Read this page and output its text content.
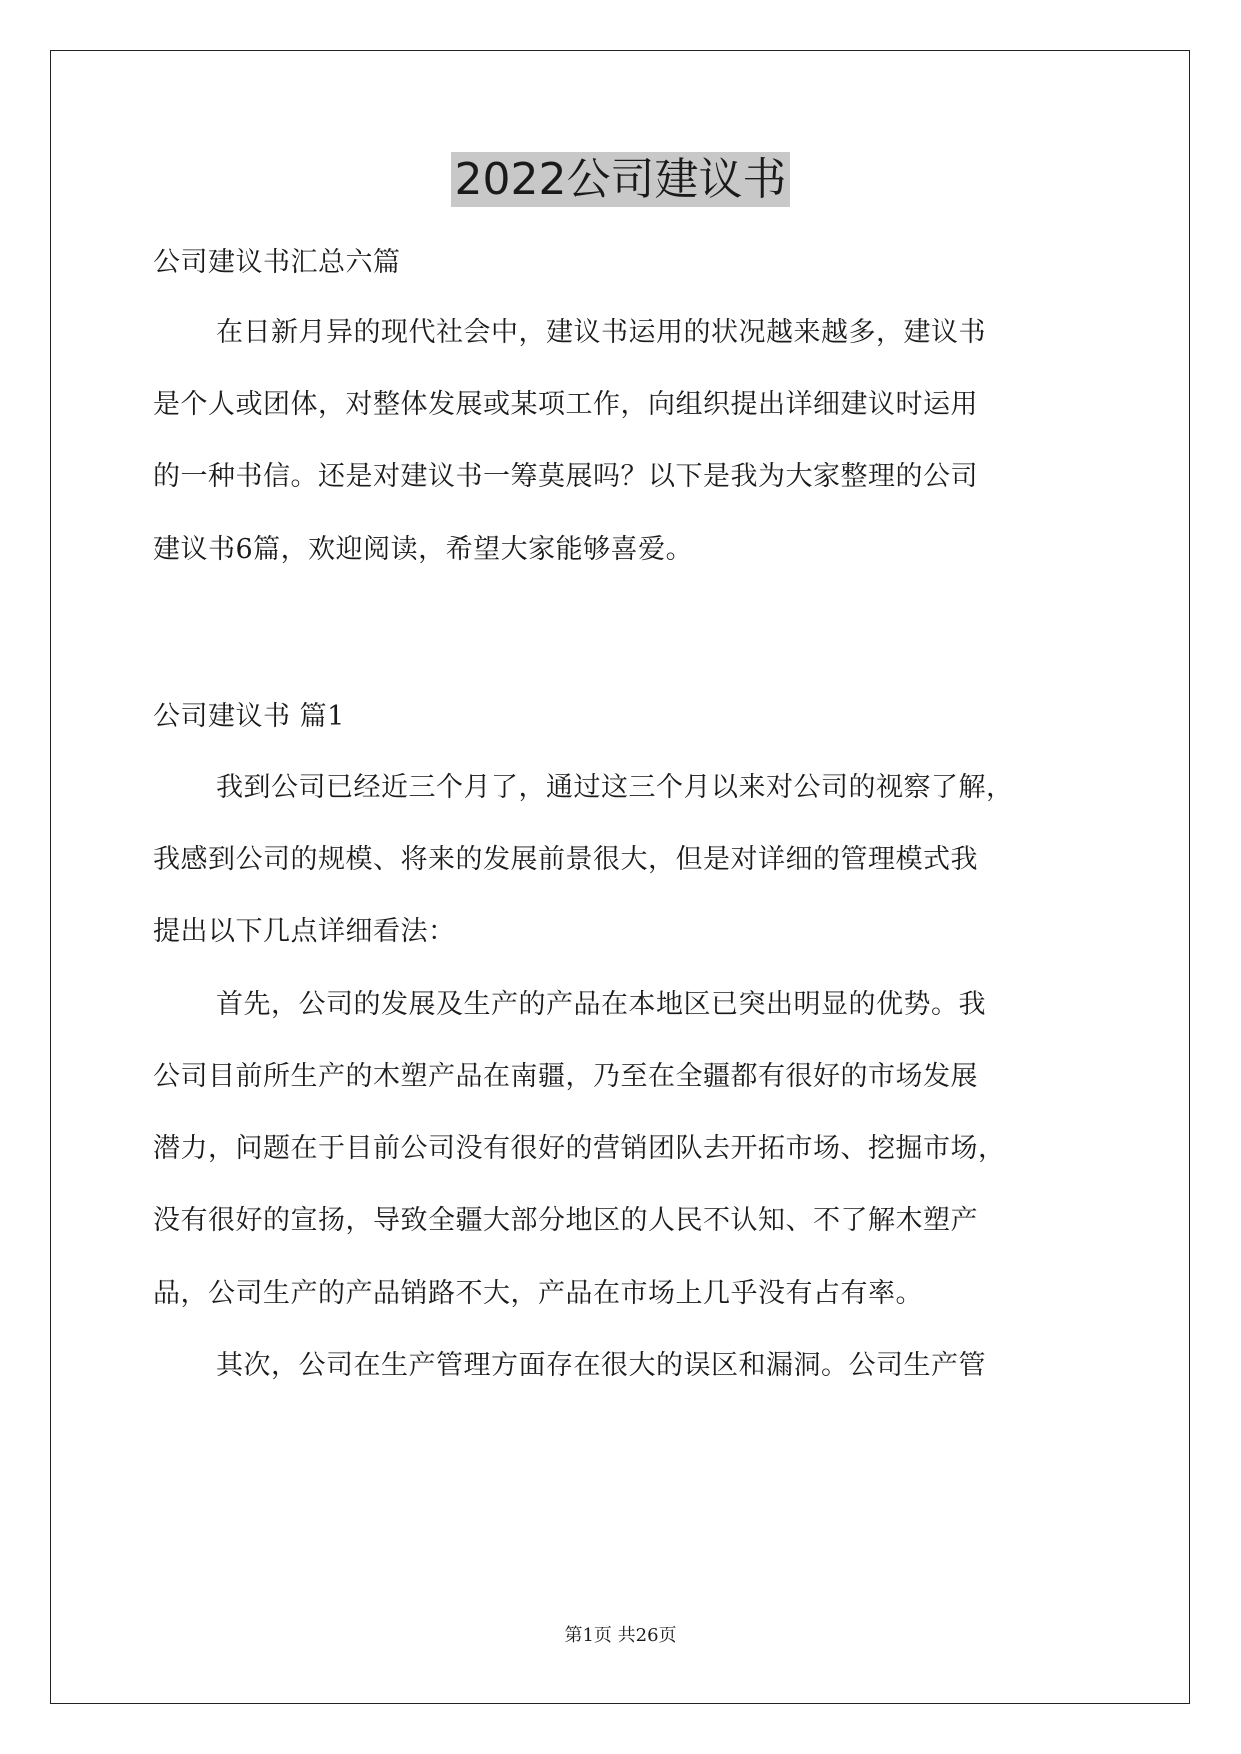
2022公司建议书
公司建议书汇总六篇
在日新月异的现代社会中，建议书运用的状况越来越多，建议书
是个人或团体，对整体发展或某项工作，向组织提出详细建议时运用
的一种书信。还是对建议书一筹莫展吗？以下是我为大家整理的公司
建议书6篇，欢迎阅读，希望大家能够喜爱。
公司建议书 篇1
我到公司已经近三个月了，通过这三个月以来对公司的视察了解，
我感到公司的规模、将来的发展前景很大，但是对详细的管理模式我
提出以下几点详细看法：
首先，公司的发展及生产的产品在本地区已突出明显的优势。我
公司目前所生产的木塑产品在南疆，乃至在全疆都有很好的市场发展
潜力，问题在于目前公司没有很好的营销团队去开拓市场、挖掘市场，
没有很好的宣扬，导致全疆大部分地区的人民不认知、不了解木塑产
品，公司生产的产品销路不大，产品在市场上几乎没有占有率。
其次，公司在生产管理方面存在很大的误区和漏洞。公司生产管
第1页 共26页
